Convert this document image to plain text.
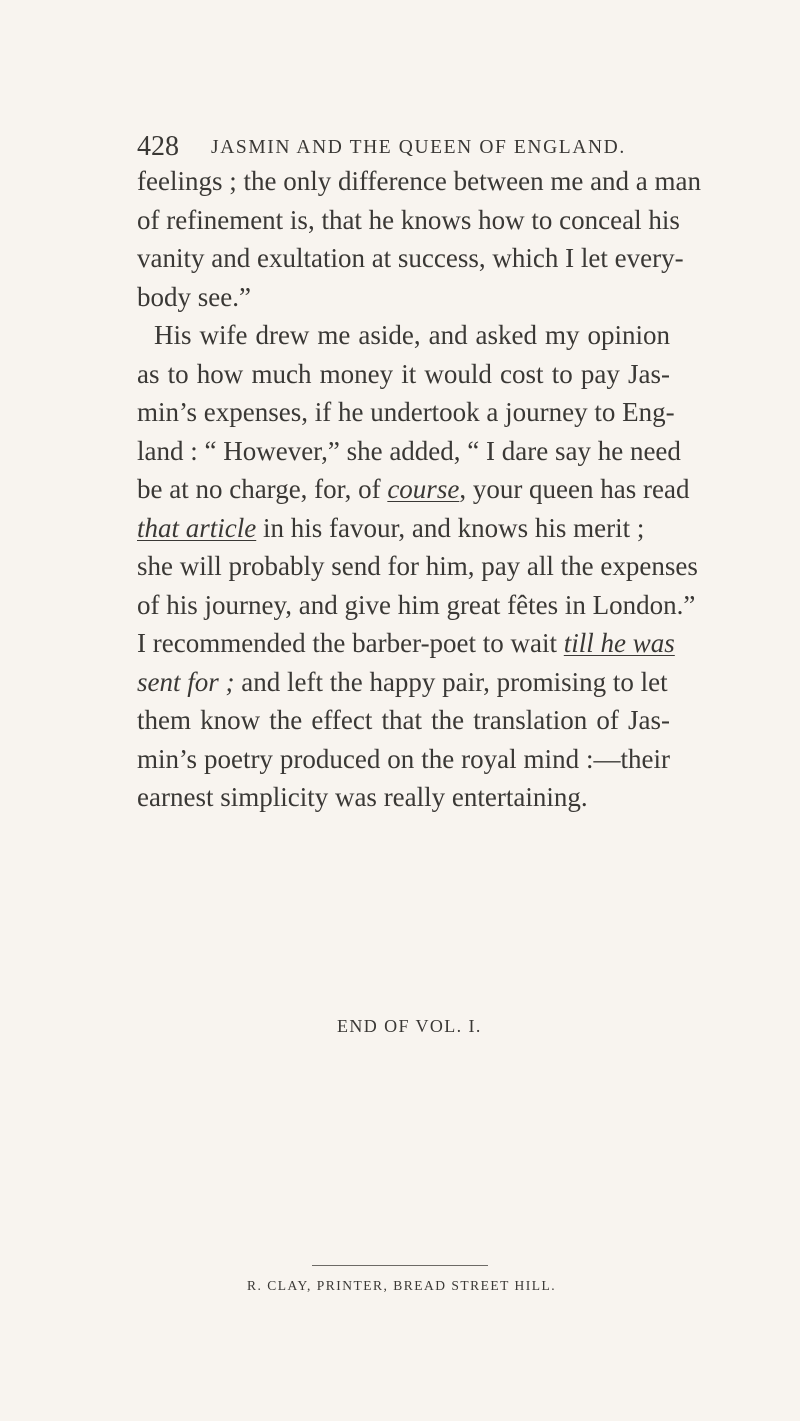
428 JASMIN AND THE QUEEN OF ENGLAND.
feelings ; the only difference between me and a man
of refinement is, that he knows how to conceal his
vanity and exultation at success, which I let every-
body see.”
His wife drew me aside, and asked my opinion
as to how much money it would cost to pay Jas-
min’s expenses, if he undertook a journey to Eng-
land : “ However,” she added, “ I dare say he need
be at no charge, for, of course, your queen has read
that article in his favour, and knows his merit ;
she will probably send for him, pay all the expenses
of his journey, and give him great fêtes in London.”
I recommended the barber-poet to wait till he was
sent for ; and left the happy pair, promising to let
them know the effect that the translation of Jas-
min’s poetry produced on the royal mind :—their
earnest simplicity was really entertaining.
END OF VOL. I.
R. CLAY, PRINTER, BREAD STREET HILL.
